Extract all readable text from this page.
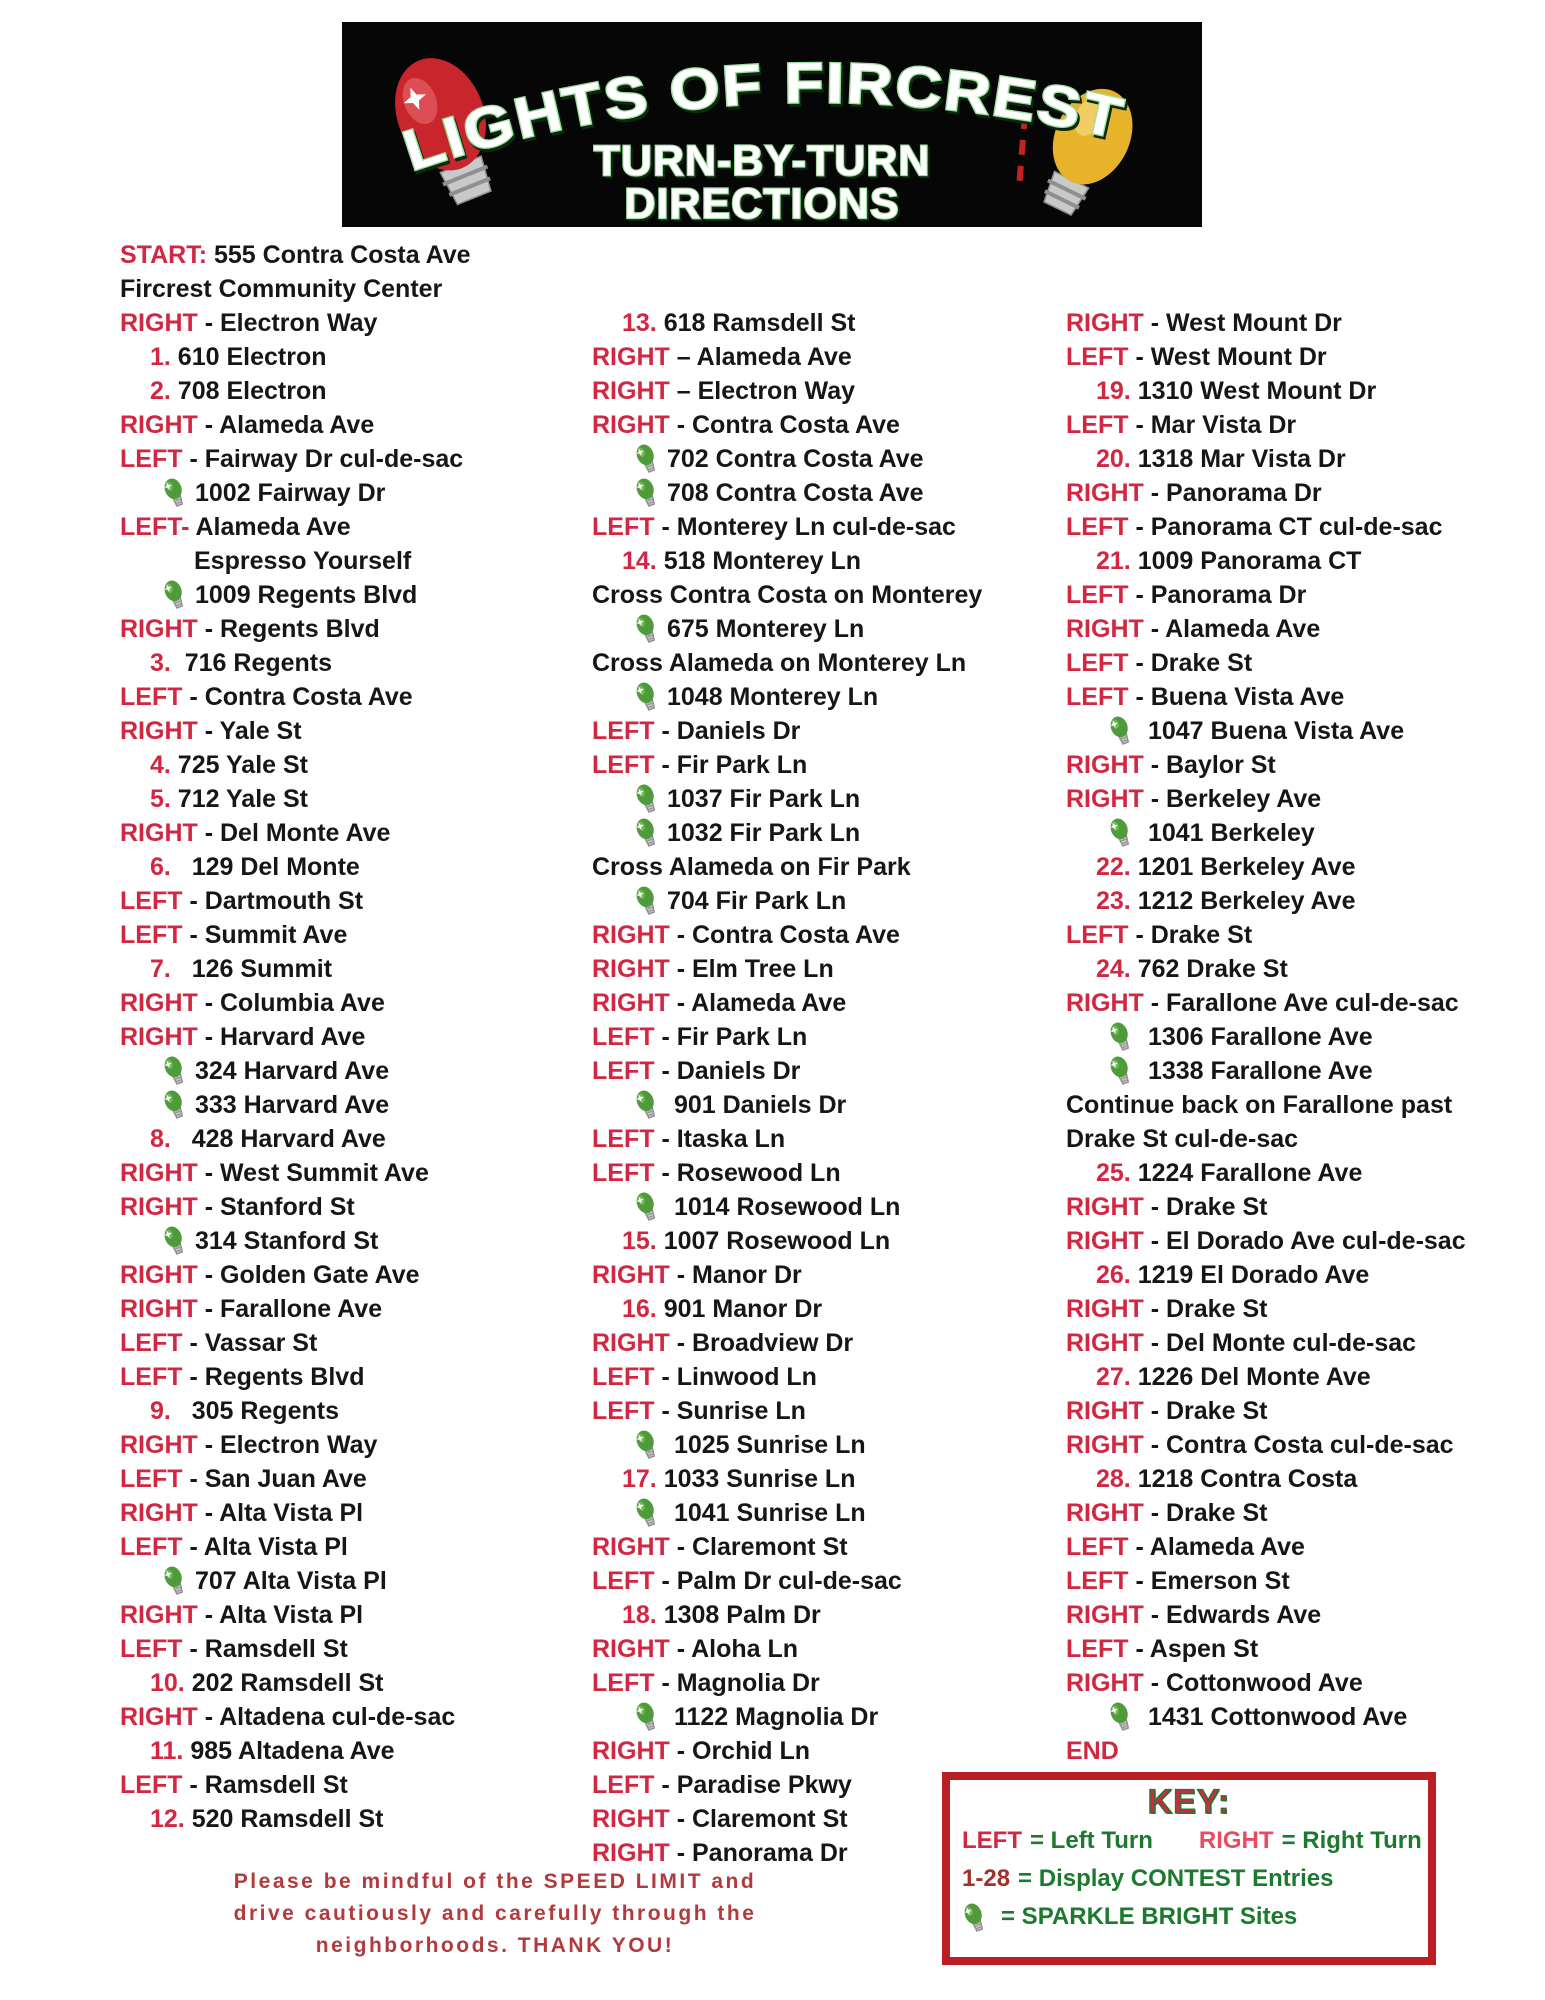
LIGHTS OF FIRCREST
TURN-BY-TURN
DIRECTIONS
START: 555 Contra Costa Ave
Fircrest Community Center
RIGHT - Electron Way
1. 610 Electron
2. 708 Electron
RIGHT - Alameda Ave
LEFT - Fairway Dr cul-de-sac
1002 Fairway Dr
LEFT- Alameda Ave
Espresso Yourself
1009 Regents Blvd
RIGHT - Regents Blvd
3.  716 Regents
LEFT - Contra Costa Ave
RIGHT - Yale St
4. 725 Yale St
5. 712 Yale St
RIGHT - Del Monte Ave
6.   129 Del Monte
LEFT - Dartmouth St
LEFT - Summit Ave
7.   126 Summit
RIGHT - Columbia Ave
RIGHT - Harvard Ave
324 Harvard Ave
333 Harvard Ave
8.   428 Harvard Ave
RIGHT - West Summit Ave
RIGHT - Stanford St
314 Stanford St
RIGHT - Golden Gate Ave
RIGHT - Farallone Ave
LEFT - Vassar St
LEFT - Regents Blvd
9.   305 Regents
RIGHT - Electron Way
LEFT - San Juan Ave
RIGHT - Alta Vista Pl
LEFT - Alta Vista Pl
707 Alta Vista Pl
RIGHT - Alta Vista Pl
LEFT - Ramsdell St
10. 202 Ramsdell St
RIGHT - Altadena cul-de-sac
11. 985 Altadena Ave
LEFT - Ramsdell St
12. 520 Ramsdell St
13. 618 Ramsdell St
RIGHT – Alameda Ave
RIGHT – Electron Way
RIGHT - Contra Costa Ave
702 Contra Costa Ave
708 Contra Costa Ave
LEFT - Monterey Ln cul-de-sac
14. 518 Monterey Ln
Cross Contra Costa on Monterey
675 Monterey Ln
Cross Alameda on Monterey Ln
1048 Monterey Ln
LEFT - Daniels Dr
LEFT - Fir Park Ln
1037 Fir Park Ln
1032 Fir Park Ln
Cross Alameda on Fir Park
704 Fir Park Ln
RIGHT - Contra Costa Ave
RIGHT - Elm Tree Ln
RIGHT - Alameda Ave
LEFT - Fir Park Ln
LEFT - Daniels Dr
901 Daniels Dr
LEFT - Itaska Ln
LEFT - Rosewood Ln
1014 Rosewood Ln
15. 1007 Rosewood Ln
RIGHT - Manor Dr
16. 901 Manor Dr
RIGHT - Broadview Dr
LEFT - Linwood Ln
LEFT - Sunrise Ln
1025 Sunrise Ln
17. 1033 Sunrise Ln
1041 Sunrise Ln
RIGHT - Claremont St
LEFT - Palm Dr cul-de-sac
18. 1308 Palm Dr
RIGHT - Aloha Ln
LEFT - Magnolia Dr
1122 Magnolia Dr
RIGHT - Orchid Ln
LEFT - Paradise Pkwy
RIGHT - Claremont St
RIGHT - Panorama Dr
RIGHT - West Mount Dr
LEFT - West Mount Dr
19. 1310 West Mount Dr
LEFT - Mar Vista Dr
20. 1318 Mar Vista Dr
RIGHT - Panorama Dr
LEFT - Panorama CT cul-de-sac
21. 1009 Panorama CT
LEFT - Panorama Dr
RIGHT - Alameda Ave
LEFT - Drake St
LEFT - Buena Vista Ave
1047 Buena Vista Ave
RIGHT - Baylor St
RIGHT - Berkeley Ave
1041 Berkeley
22. 1201 Berkeley Ave
23. 1212 Berkeley Ave
LEFT - Drake St
24. 762 Drake St
RIGHT - Farallone Ave cul-de-sac
1306 Farallone Ave
1338 Farallone Ave
Continue back on Farallone past
Drake St cul-de-sac
25. 1224 Farallone Ave
RIGHT - Drake St
RIGHT - El Dorado Ave cul-de-sac
26. 1219 El Dorado Ave
RIGHT - Drake St
RIGHT - Del Monte cul-de-sac
27. 1226 Del Monte Ave
RIGHT - Drake St
RIGHT - Contra Costa cul-de-sac
28. 1218 Contra Costa
RIGHT - Drake St
LEFT - Alameda Ave
LEFT - Emerson St
RIGHT - Edwards Ave
LEFT - Aspen St
RIGHT - Cottonwood Ave
1431 Cottonwood Ave
END
Please be mindful of the SPEED LIMIT and
drive cautiously and carefully through the
neighborhoods. THANK YOU!
KEY:
LEFT = Left Turn RIGHT = Right Turn
1-28 = Display CONTEST Entries
= SPARKLE BRIGHT Sites
